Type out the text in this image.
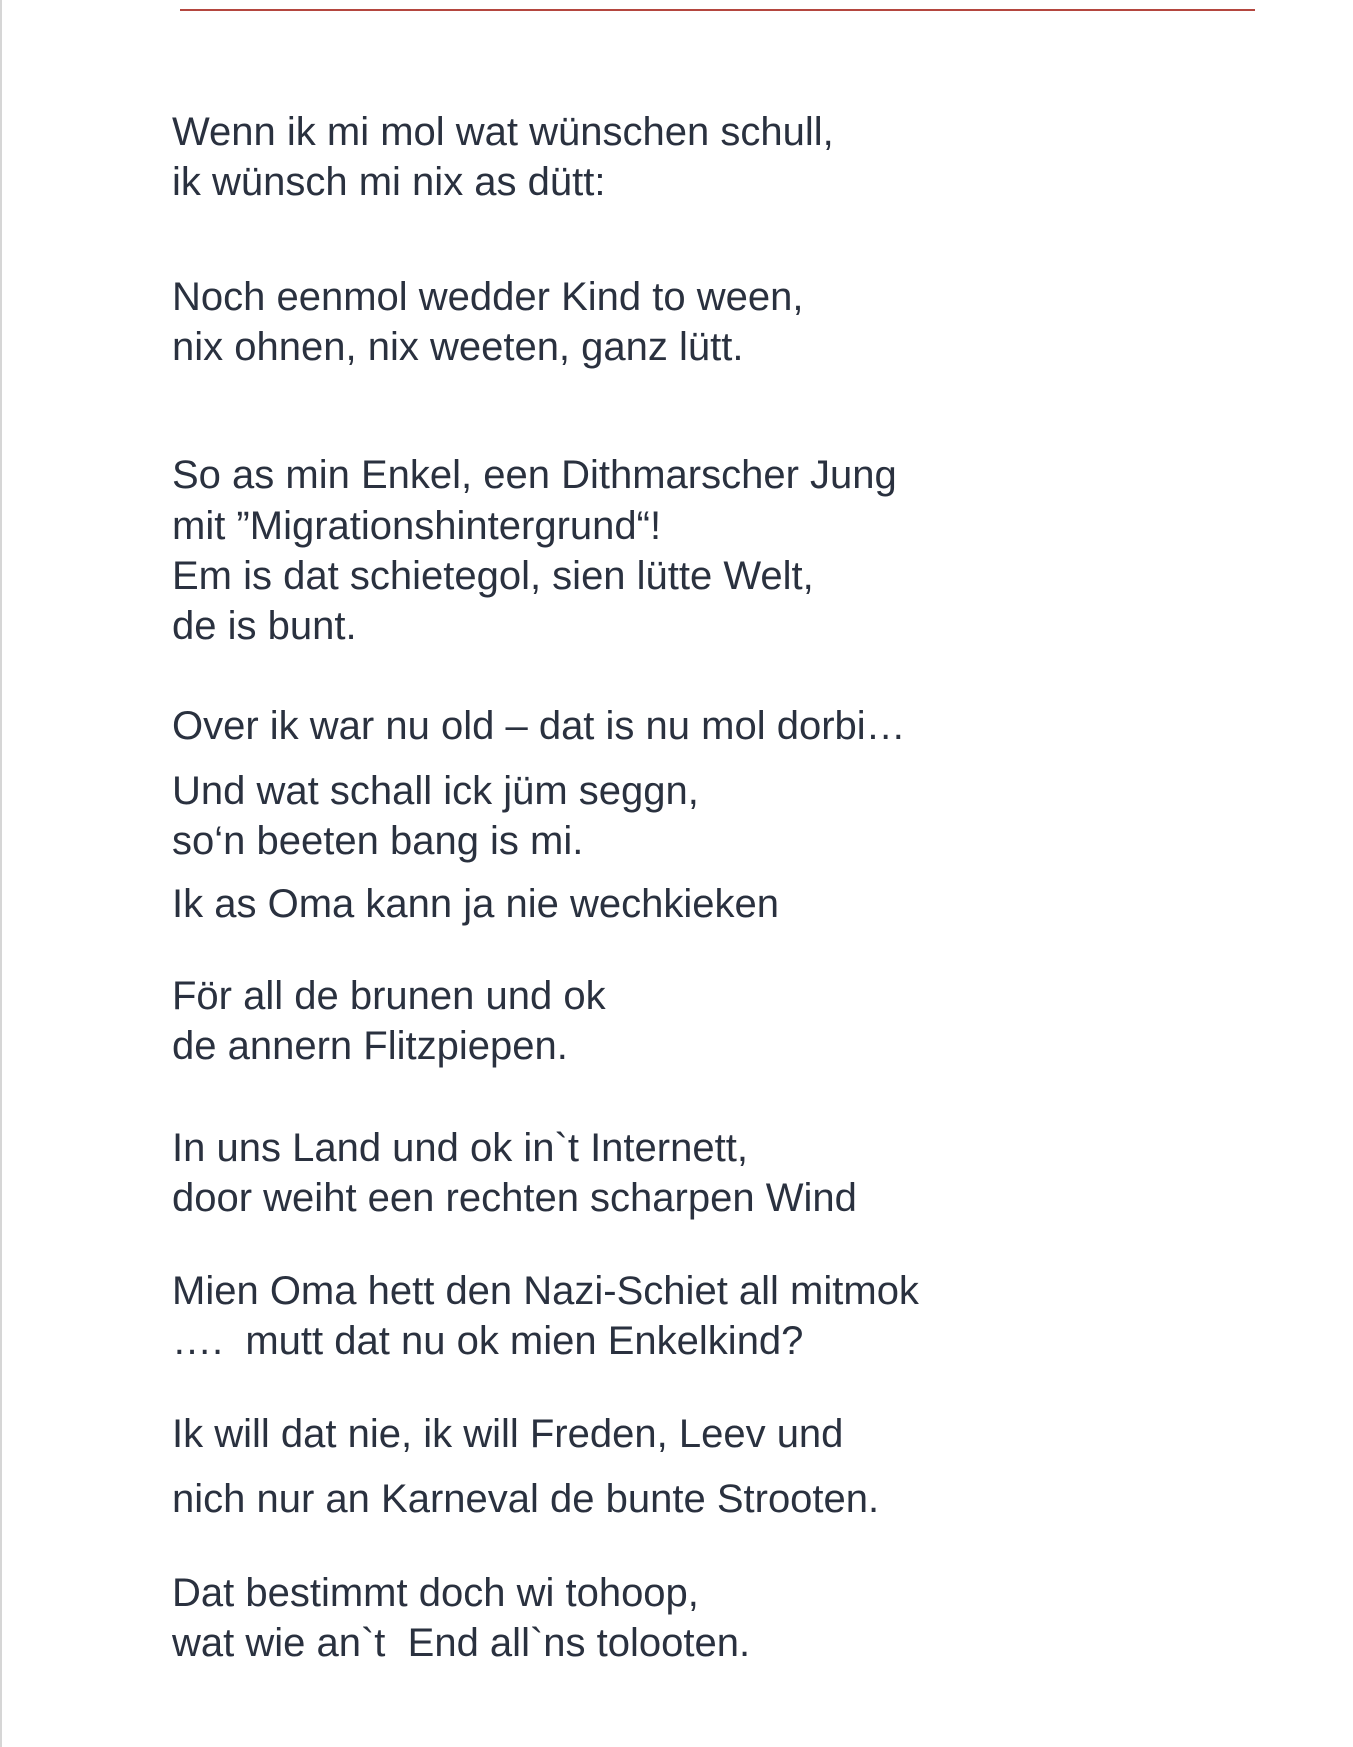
Wenn ik mi mol wat wünschen schull,
ik wünsch mi nix as dütt:
Noch eenmol wedder Kind to ween,
nix ohnen, nix weeten, ganz lütt.
So as min Enkel, een Dithmarscher Jung
mit ”Migrationshintergrund“!
Em is dat schietegol, sien lütte Welt,
de is bunt.
Over ik war nu old – dat is nu mol dorbi…
Und wat schall ick jüm seggn,
so‘n beeten bang is mi.
Ik as Oma kann ja nie wechkieken
För all de brunen und ok
de annern Flitzpiepen.
In uns Land und ok in`t Internett,
door weiht een rechten scharpen Wind
Mien Oma hett den Nazi-Schiet all mitmok
….  mutt dat nu ok mien Enkelkind?
Ik will dat nie, ik will Freden, Leev und
nich nur an Karneval de bunte Strooten.
Dat bestimmt doch wi tohoop,
wat wie an`t  End all`ns tolooten.
